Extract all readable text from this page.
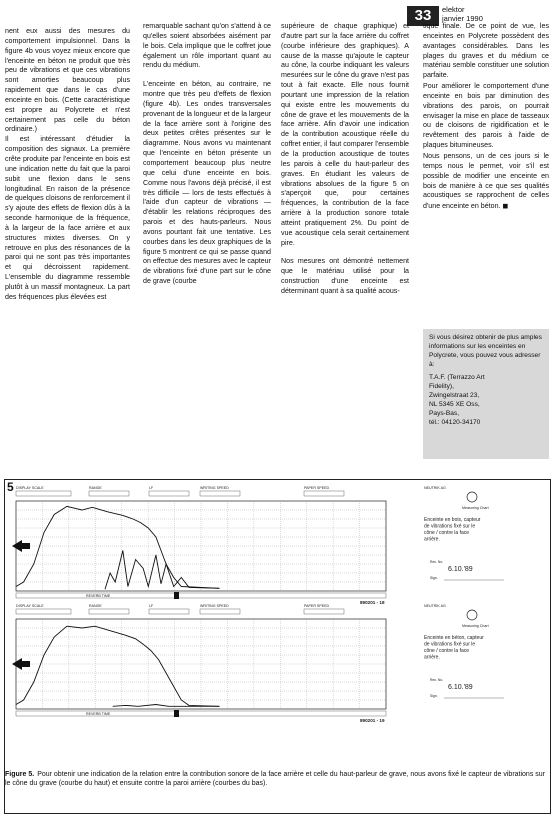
33	elektor
janvier 1990

nent eux aussi des mesures du comportement impulsionnel. Dans la figure 4b vous voyez mieux encore que l'enceinte en béton ne produit que très peu de vibrations et que ces vibrations sont amorties beaucoup plus rapidement que dans le cas d'une enceinte en bois. (Cette caractéristique est propre au Polycrete et n'est certainement pas celle du béton ordinaire.)

Il est intéressant d'étudier la composition des signaux. La première crête produite par l'enceinte en bois est une indication nette du fait que la paroi subit une flexion dans le sens longitudinal. En raison de la présence de quelques cloisons de renforcement il s'y ajoute des effets de flexion dûs à la seconde harmonique de la fréquence, à la largeur de la face arrière et aux structures mixtes diverses. On y retrouve en plus des résonances de la paroi qui ne sont pas très importantes et qui décroissent rapidement. L'ensemble du diagramme ressemble plutôt à un massif montagneux. La part des fréquences plus élevées est

remarquable sachant qu'on s'attend à ce qu'elles soient absorbées aisément par le bois. Cela implique que le coffret joue également un rôle important quant au rendu du médium.

L'enceinte en béton, au contraire, ne montre que très peu d'effets de flexion (figure 4b). Les ondes transversales provenant de la longueur et de la largeur de la face arrière sont à l'origine des deux petites crêtes présentes sur le diagramme. Nous avons vu maintenant que l'enceinte en béton présente un comportement beaucoup plus neutre que celui d'une enceinte en bois. Comme nous l'avons déjà précisé, il est très difficile — lors de tests effectués à l'aide d'un capteur de vibrations — d'établir les relations réciproques des parois et des hauts-parleurs. Nous avons pourtant fait une tentative. Les courbes dans les deux graphiques de la figure 5 montrent ce qui se passe quand on effectue des mesures avec le capteur de vibrations fixé d'une part sur le cône de grave (courbe

supérieure de chaque graphique) et d'autre part sur la face arrière du coffret (courbe inférieure des graphiques). A cause de la masse qu'ajoute le capteur au cône, la courbe indiquant les valeurs mesurées sur le cône du grave n'est pas tout à fait exacte. Elle nous fournit pourtant une impression de la relation qui existe entre les mouvements du cône de grave et les mouvements de la face arrière. Afin d'avoir une indication de la contribution acoustique réelle du coffret entier, il faut comparer l'ensemble de la production acoustique de toutes les parois à celle du haut-parleur des graves. En étudiant les valeurs de vibrations absolues de la figure 5 on s'aperçoit que, pour certaines fréquences, la contribution de la face arrière à la production sonore totale atteint pratiquement 2%. Du point de vue acoustique cela serait certainement pire.

Nos mesures ont démontré nettement que le matériau utilisé pour la construction d'une enceinte est déterminant quant à sa qualité acous-

tique finale. De ce point de vue, les enceintes en Polycrete possèdent des avantages considérables. Dans les plages du graves et du médium ce matériau semble constituer une solution parfaite.

Pour améliorer le comportement d'une enceinte en bois par diminution des vibrations des parois, on pourrait envisager la mise en place de tasseaux ou de cloisons de rigidification et le revêtement des parois à l'aide de plaques bitumineuses.

Nous pensons, un de ces jours si le temps nous le permet, voir s'il est possible de modifier une enceinte en bois de manière à ce que ses qualités acoustiques se rapprochent de celles d'une enceinte en béton. ◼

Si vous désirez obtenir de plus amples informations sur les enceintes en Polycrete, vous pouvez vous adresser à:

T.A.F. (Terrazzo Art
Fidelity),
Zwingelstraat 23,
NL 5345 XE Oss,
Pays-Bas,
tél.: 04120-34170
5 DISPLAY SCALE	RANGE	LF	WRITING SPEED	PAPER SPEED	NEUTRIK AG
Measuring Chart
REVERB TIME
890201 - 18
Enceinte en bois, capteur
de vibrations fixé sur le
cône / contre la face
arrière.
Rec. No.
6.10.'89
Sign.
DISPLAY SCALE	RANGE	LF	WRITING SPEED	PAPER SPEED	NEUTRIK AG
Measuring Chart
REVERB TIME
890201 - 19
Enceinte en béton, capteur
de vibrations fixé sur le
cône / contre la face
arrière.
Rec. No.
6.10.'89
Sign.
Figure 5. Pour obtenir une indication de la relation entre la contribution sonore de la face arrière et celle du haut-parleur de grave, nous avons fixé le capteur de vibrations sur le cône du grave (courbe du haut) et ensuite contre la paroi arrière (courbes du bas).
